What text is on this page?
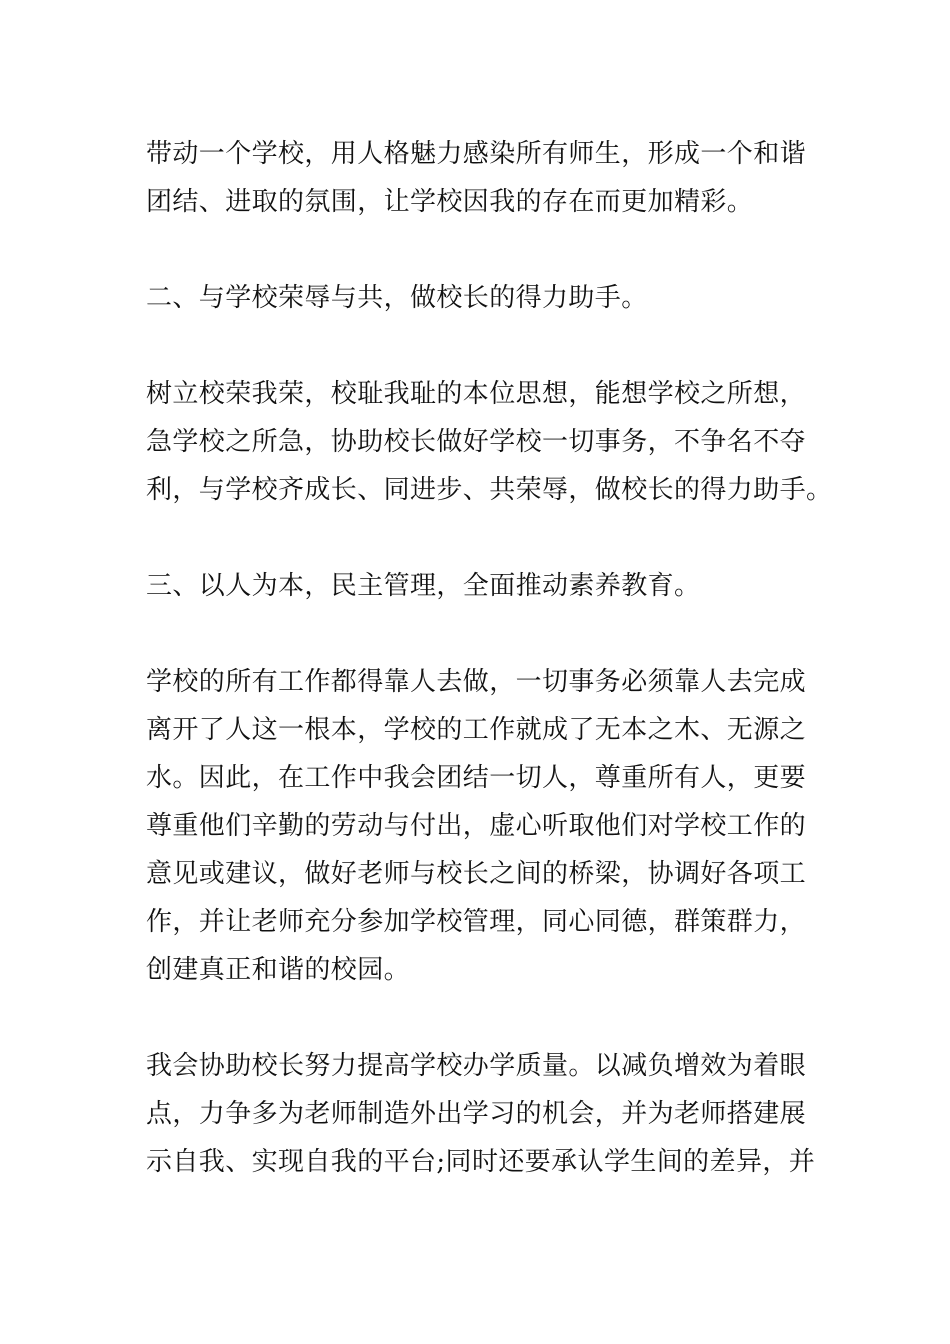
带动一个学校，用人格魅力感染所有师生，形成一个和谐
团结、进取的氛围，让学校因我的存在而更加精彩。
二、与学校荣辱与共，做校长的得力助手。
树立校荣我荣，校耻我耻的本位思想，能想学校之所想，
急学校之所急，协助校长做好学校一切事务，不争名不夺
利，与学校齐成长、同进步、共荣辱，做校长的得力助手。
三、以人为本，民主管理，全面推动素养教育。
学校的所有工作都得靠人去做，一切事务必须靠人去完成
离开了人这一根本，学校的工作就成了无本之木、无源之
水。因此，在工作中我会团结一切人，尊重所有人，更要
尊重他们辛勤的劳动与付出，虚心听取他们对学校工作的
意见或建议，做好老师与校长之间的桥梁，协调好各项工
作，并让老师充分参加学校管理，同心同德，群策群力，
创建真正和谐的校园。
我会协助校长努力提高学校办学质量。以减负增效为着眼
点，力争多为老师制造外出学习的机会，并为老师搭建展
示自我、实现自我的平台;同时还要承认学生间的差异，并
